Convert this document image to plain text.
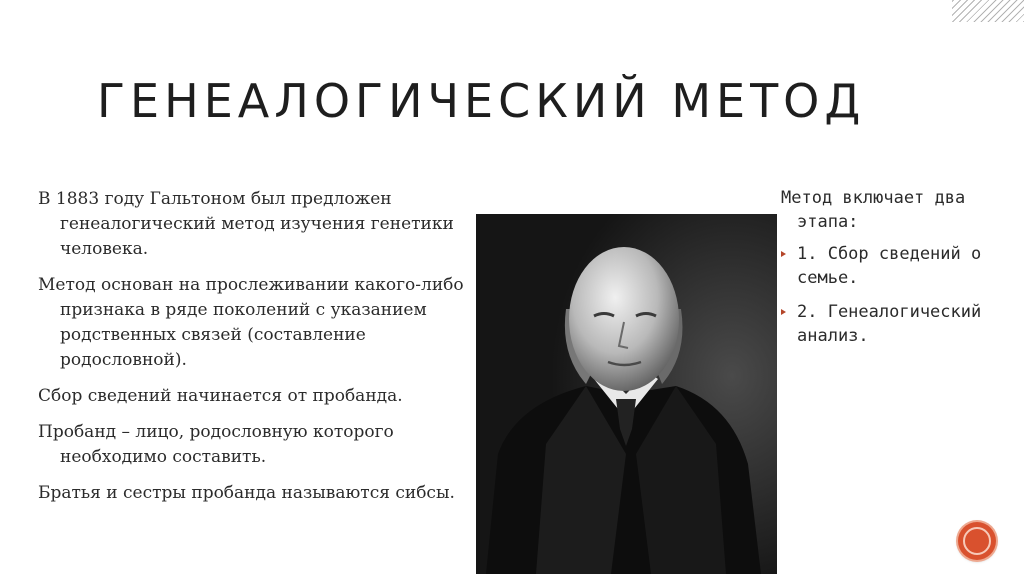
ГЕНЕАЛОГИЧЕСКИЙ МЕТОД

В 1883 году Гальтоном был предложен генеалогический метод изучения генетики человека.

Метод основан на прослеживании какого-либо признака в ряде поколений с указанием родственных связей (составление родословной).

Сбор сведений начинается от пробанда.

Пробанд – лицо, родословную которого необходимо составить.

Братья и сестры пробанда называются сибсы.

Метод включает два этапа:

1. Сбор сведений о семье.
2. Генеалогический анализ.
